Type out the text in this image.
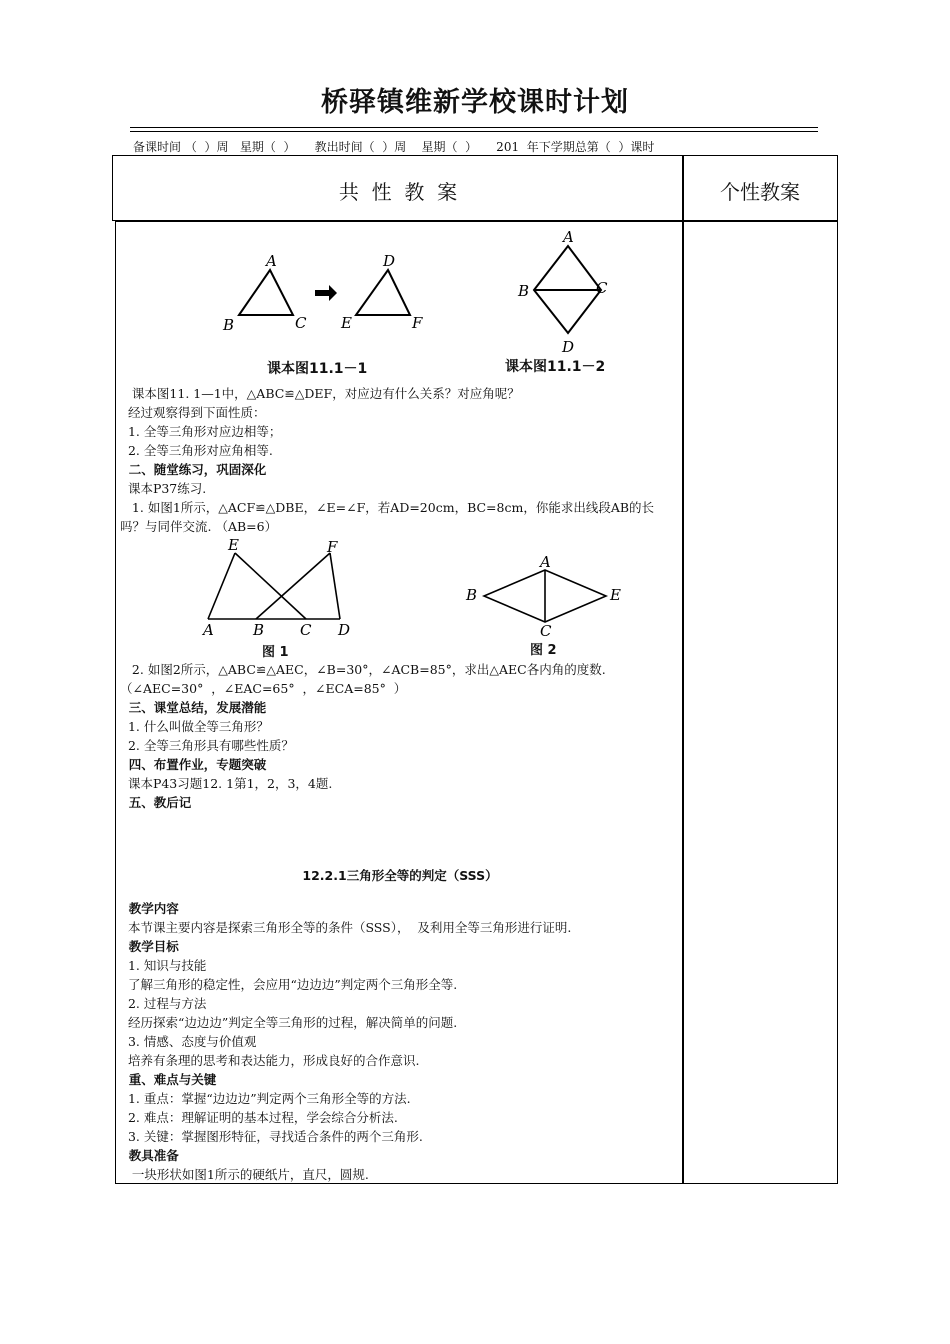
桥驿镇维新学校课时计划
备课时间 （  ）周   星期（  ）     教出时间（  ）周    星期（  ）     201  年下学期总第（  ）课时
共  性  教  案	个性教案
A
B	C
D
E	F
课本图11.1－1
A
B	C
D
课本图11.1－2
E	F
A	B C D
图 1
A
B
C
E
图 2
课本图11. 1—1中，△ABC≌△DEF，对应边有什么关系？对应角呢？
经过观察得到下面性质：
1. 全等三角形对应边相等；
2. 全等三角形对应角相等.
二、随堂练习，巩固深化
课本P37练习.
1. 如图1所示，△ACF≌△DBE，∠E=∠F，若AD=20cm，BC=8cm，你能求出线段AB的长
吗？与同伴交流. （AB=6）
2. 如图2所示，△ABC≌△AEC，∠B=30°，∠ACB=85°，求出△AEC各内角的度数.
（∠AEC=30°  ，∠EAC=65°  ，∠ECA=85°  ）
三、课堂总结，发展潜能
1. 什么叫做全等三角形？
2. 全等三角形具有哪些性质？
四、布置作业，专题突破
课本P43习题12. 1第1，2，3，4题.
五、教后记
12.2.1三角形全等的判定（SSS）
教学内容
本节课主要内容是探索三角形全等的条件（SSS），  及利用全等三角形进行证明.
教学目标
1. 知识与技能
了解三角形的稳定性，会应用“边边边”判定两个三角形全等.
2. 过程与方法
经历探索“边边边”判定全等三角形的过程，解决简单的问题.
3. 情感、态度与价值观
培养有条理的思考和表达能力，形成良好的合作意识.
重、难点与关键
1. 重点：掌握“边边边”判定两个三角形全等的方法.
2. 难点：理解证明的基本过程，学会综合分析法.
3. 关键：掌握图形特征，寻找适合条件的两个三角形.
教具准备
一块形状如图1所示的硬纸片，直尺，圆规.
